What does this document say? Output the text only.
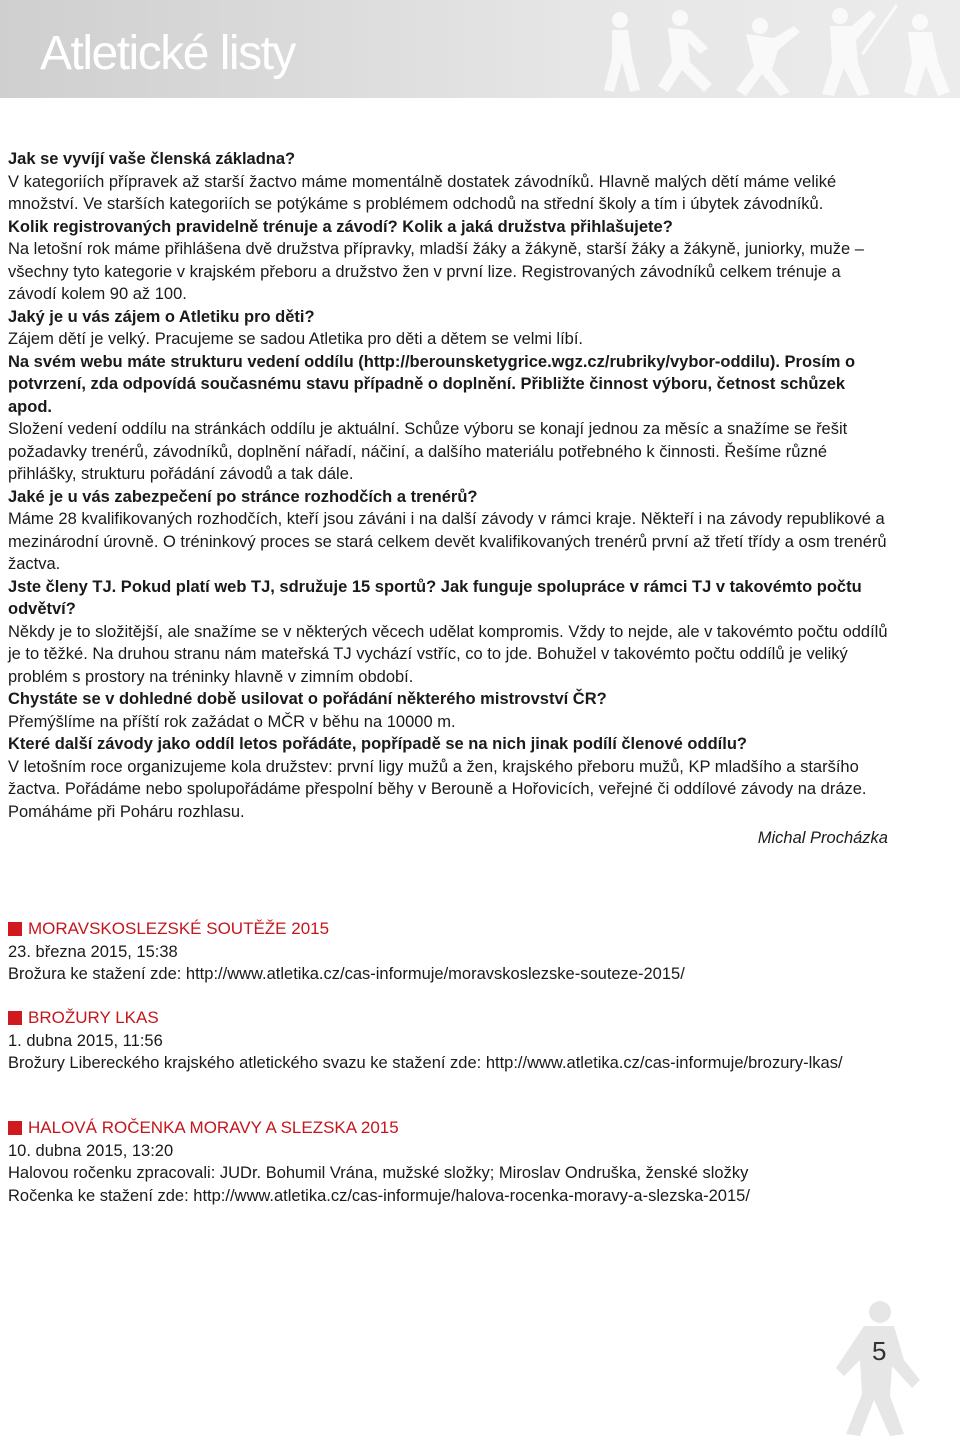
Atletické listy

Jak se vyvíjí vaše členská základna?

V kategoriích přípravek až starší žactvo máme momentálně dostatek závodníků. Hlavně malých dětí máme veliké množství. Ve starších kategoriích se potýkáme s problémem odchodů na střední školy a tím i úbytek závodníků.

Kolik registrovaných pravidelně trénuje a závodí? Kolik a jaká družstva přihlašujete?

Na letošní rok máme přihlášena dvě družstva přípravky, mladší žáky a žákyně, starší žáky a žákyně, juniorky, muže – všechny tyto kategorie v krajském přeboru a družstvo žen v první lize. Registrovaných závodníků celkem trénuje a závodí kolem 90 až 100.

Jaký je u vás zájem o Atletiku pro děti?

Zájem dětí je velký. Pracujeme se sadou Atletika pro děti a dětem se velmi líbí.

Na svém webu máte strukturu vedení oddílu (http://berounsketygrice.wgz.cz/rubriky/vybor-oddilu). Prosím o potvrzení, zda odpovídá současnému stavu případně o doplnění. Přibližte činnost výboru, četnost schůzek apod.

Složení vedení oddílu na stránkách oddílu je aktuální. Schůze výboru se konají jednou za měsíc a snažíme se řešit požadavky trenérů, závodníků, doplnění nářadí, náčiní, a dalšího materiálu potřebného k činnosti. Řešíme různé přihlášky, strukturu pořádání závodů a tak dále.

Jaké je u vás zabezpečení po stránce rozhodčích a trenérů?

Máme 28 kvalifikovaných rozhodčích, kteří jsou záváni i na další závody v rámci kraje. Někteří i na závody republikové a mezinárodní úrovně. O tréninkový proces se stará celkem devět kvalifikovaných trenérů první až třetí třídy a osm trenérů žactva.

Jste členy TJ. Pokud platí web TJ, sdružuje 15 sportů? Jak funguje spolupráce v rámci TJ v takovémto počtu odvětví?

Někdy je to složitější, ale snažíme se v některých věcech udělat kompromis. Vždy to nejde, ale v takovémto počtu oddílů je to těžké. Na druhou stranu nám mateřská TJ vychází vstříc, co to jde. Bohužel v takovémto počtu oddílů je veliký problém s prostory na tréninky hlavně v zimním období.

Chystáte se v dohledné době usilovat o pořádání některého mistrovství ČR?

Přemýšlíme na příští rok zažádat o MČR v běhu na 10000 m.

Které další závody jako oddíl letos pořádáte, popřípadě se na nich jinak podílí členové oddílu?

V letošním roce organizujeme kola družstev: první ligy mužů a žen, krajského přeboru mužů, KP mladšího a staršího žactva. Pořádáme nebo spolupořádáme přespolní běhy v Berouně a Hořovicích, veřejné či oddílové závody na dráze. Pomáháme při Poháru rozhlasu.

Michal Procházka

MORAVSKOSLEZSKÉ SOUTĚŽE 2015

23. března 2015, 15:38

Brožura ke stažení zde: http://www.atletika.cz/cas-informuje/moravskoslezske-souteze-2015/

BROŽURY LKAS

1. dubna 2015, 11:56

Brožury Libereckého krajského atletického svazu ke stažení zde: http://www.atletika.cz/cas-informuje/brozury-lkas/

HALOVÁ ROČENKA MORAVY A SLEZSKA 2015

10. dubna 2015, 13:20

Halovou ročenku zpracovali: JUDr. Bohumil Vrána, mužské složky; Miroslav Ondruška, ženské složky

Ročenka ke stažení zde: http://www.atletika.cz/cas-informuje/halova-rocenka-moravy-a-slezska-2015/

5
